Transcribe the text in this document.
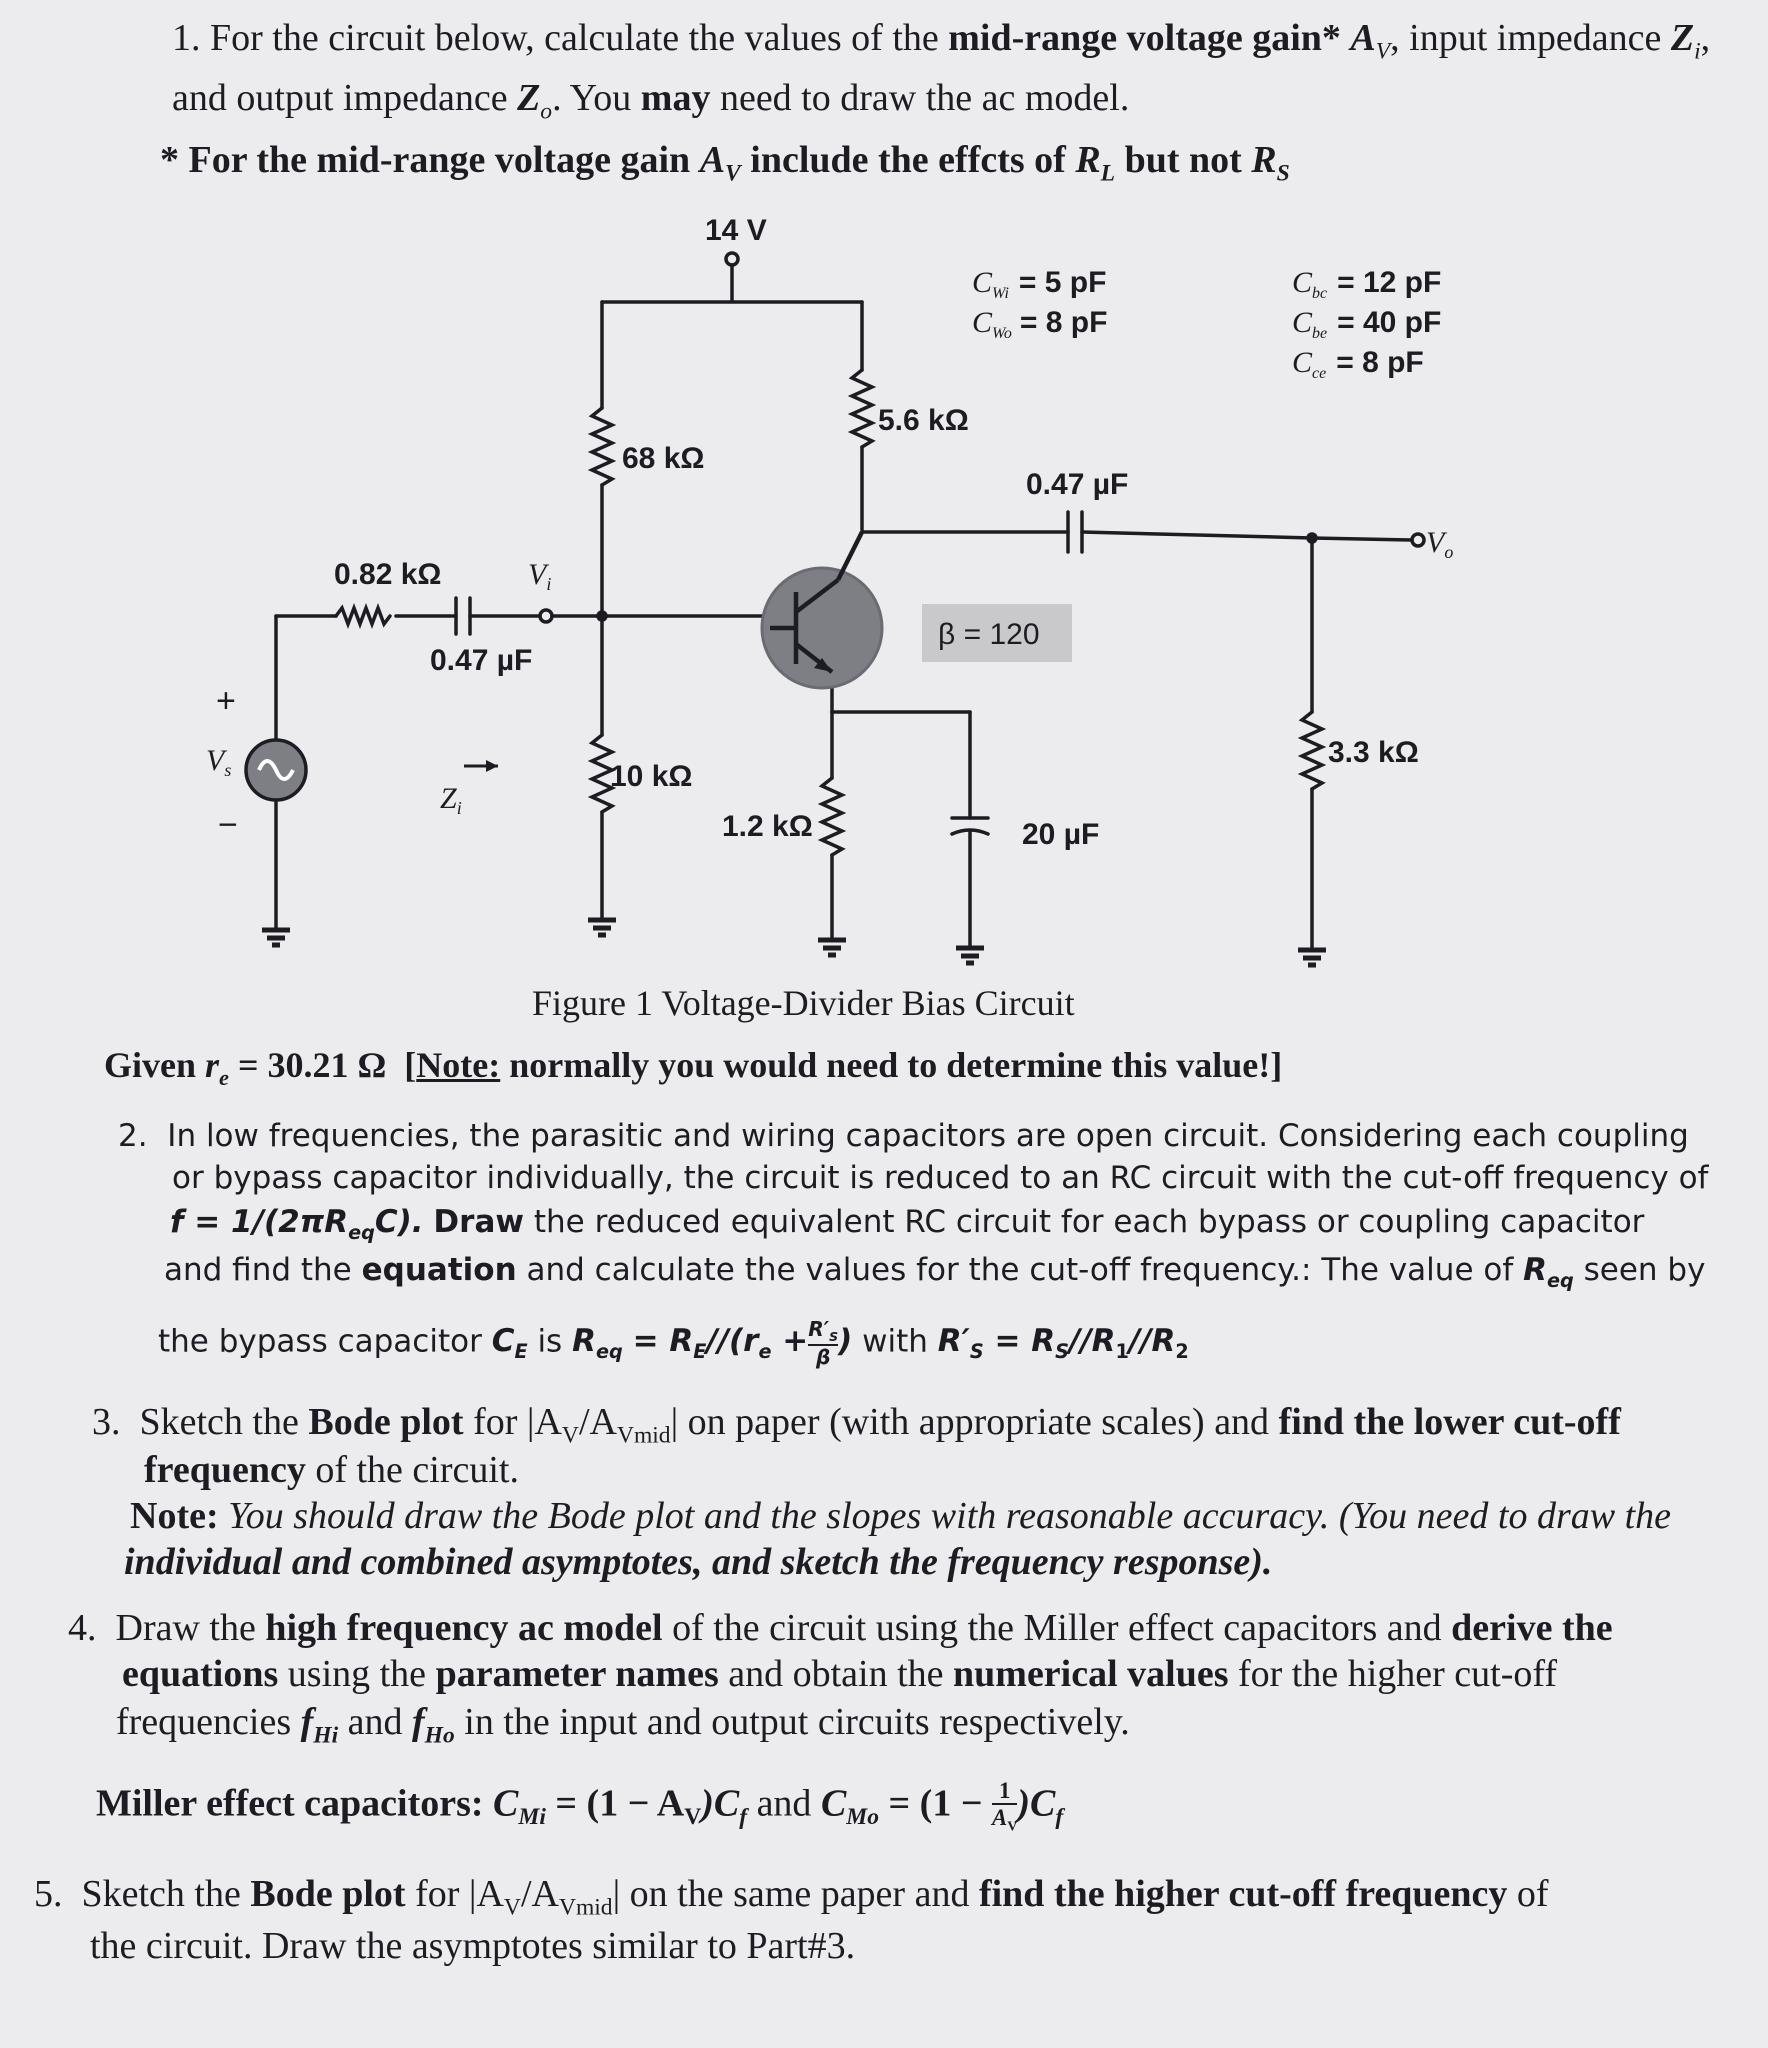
1. For the circuit below, calculate the values of the mid-range voltage gain* $A_V$, input impedance $Z_i$,
and output impedance $Z_o$. You may need to draw the ac model.
* For the mid-range voltage gain $A_V$ include the effcts of $R_L$ but not $R_S$
14 V
68 kΩ
10 kΩ
5.6 kΩ
1.2 kΩ
0.82 kΩ
3.3 kΩ
0.47 µF
0.47 µF
20 µF
β = 120
$V_i$
$V_o$
$V_s$
$Z_i$
+
−
$C_{Wi} = 5$ pF
$C_{Wo} = 8$ pF
$C_{bc} = 12$ pF
$C_{be} = 40$ pF
$C_{ce} = 8$ pF
Figure 1 Voltage-Divider Bias Circuit
Given $r_e = 30.21$ Ω [Note: normally you would need to determine this value!]
2. In low frequencies, the parasitic and wiring capacitors are open circuit. Considering each coupling
or bypass capacitor individually, the circuit is reduced to an RC circuit with the cut-off frequency of
$f = 1/(2\pi R_{eq}C)$. Draw the reduced equivalent RC circuit for each bypass or coupling capacitor
and find the equation and calculate the values for the cut-off frequency.: The value of $R_{eq}$ seen by
the bypass capacitor $C_E$ is $R_{eq} = R_E//(r_e + \frac{R'_S}{\beta}$ ) with $R'_S = R_S//R_1//R_2$
3. Sketch the Bode plot for $|A_V/A_{Vmid}|$ on paper (with appropriate scales) and find the lower cut-off
frequency of the circuit.
Note: You should draw the Bode plot and the slopes with reasonable accuracy. (You need to draw the
individual and combined asymptotes, and sketch the frequency response).
4. Draw the high frequency ac model of the circuit using the Miller effect capacitors and derive the
equations using the parameter names and obtain the numerical values for the higher cut-off
frequencies $f_{Hi}$ and $f_{Ho}$ in the input and output circuits respectively.
Miller effect capacitors: $C_{Mi} = (1 - A_V)C_f$ and $C_{Mo} = (1 - \frac{1}{A_V} )C_f$
5. Sketch the Bode plot for $|A_V/A_{Vmid}|$ on the same paper and find the higher cut-off frequency of
the circuit. Draw the asymptotes similar to Part#3.
